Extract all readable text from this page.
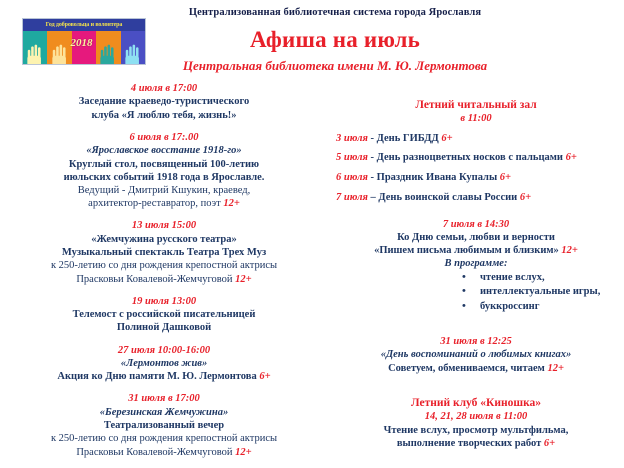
Год добровольца и волонтера
2018
Централизованная библиотечная система города Ярославля
Афиша на июль
Центральная библиотека имени М. Ю. Лермонтова
4 июля в 17:00
Заседание краеведо-туристического
клуба «Я люблю тебя, жизнь!»
6 июля в 17:.00
«Ярославское восстание 1918-го»
Круглый стол, посвященный 100-летию
июльских событий 1918 года в Ярославле.
Ведущий - Дмитрий Кшукин, краевед,
архитектор-реставратор, поэт 12+
13 июля 15:00
«Жемчужина русского театра»
Музыкальный спектакль Театра Трех Муз
к 250-летию со дня рождения крепостной актрисы
Прасковьи Ковалевой-Жемчуговой 12+
19 июля 13:00
Телемост с российской писательницей
Полиной Дашковой
27 июля 10:00-16:00
«Лермонтов жив»
Акция ко Дню памяти М. Ю. Лермонтова 6+
31 июля в 17:00
«Березинская Жемчужина»
Театрализованный вечер
к 250-летию со дня рождения крепостной актрисы
Прасковьи Ковалевой-Жемчуговой 12+
Летний читальный зал
в 11:00
3 июля - День ГИБДД 6+
5 июля - День разноцветных носков с пальцами 6+
6 июля - Праздник Ивана Купалы 6+
7 июля – День воинской славы России 6+
7 июля в 14:30
Ко Дню семьи, любви и верности
«Пишем письма любимым и близким» 12+
В программе:
• чтение вслух,
• интеллектуальные игры,
• буккроссинг
31 июля в 12:25
«День воспоминаний о любимых книгах»
Советуем, обмениваемся, читаем 12+
Летний клуб «Киношка»
14, 21, 28 июля в 11:00
Чтение вслух, просмотр мультфильма,
выполнение творческих работ 6+
